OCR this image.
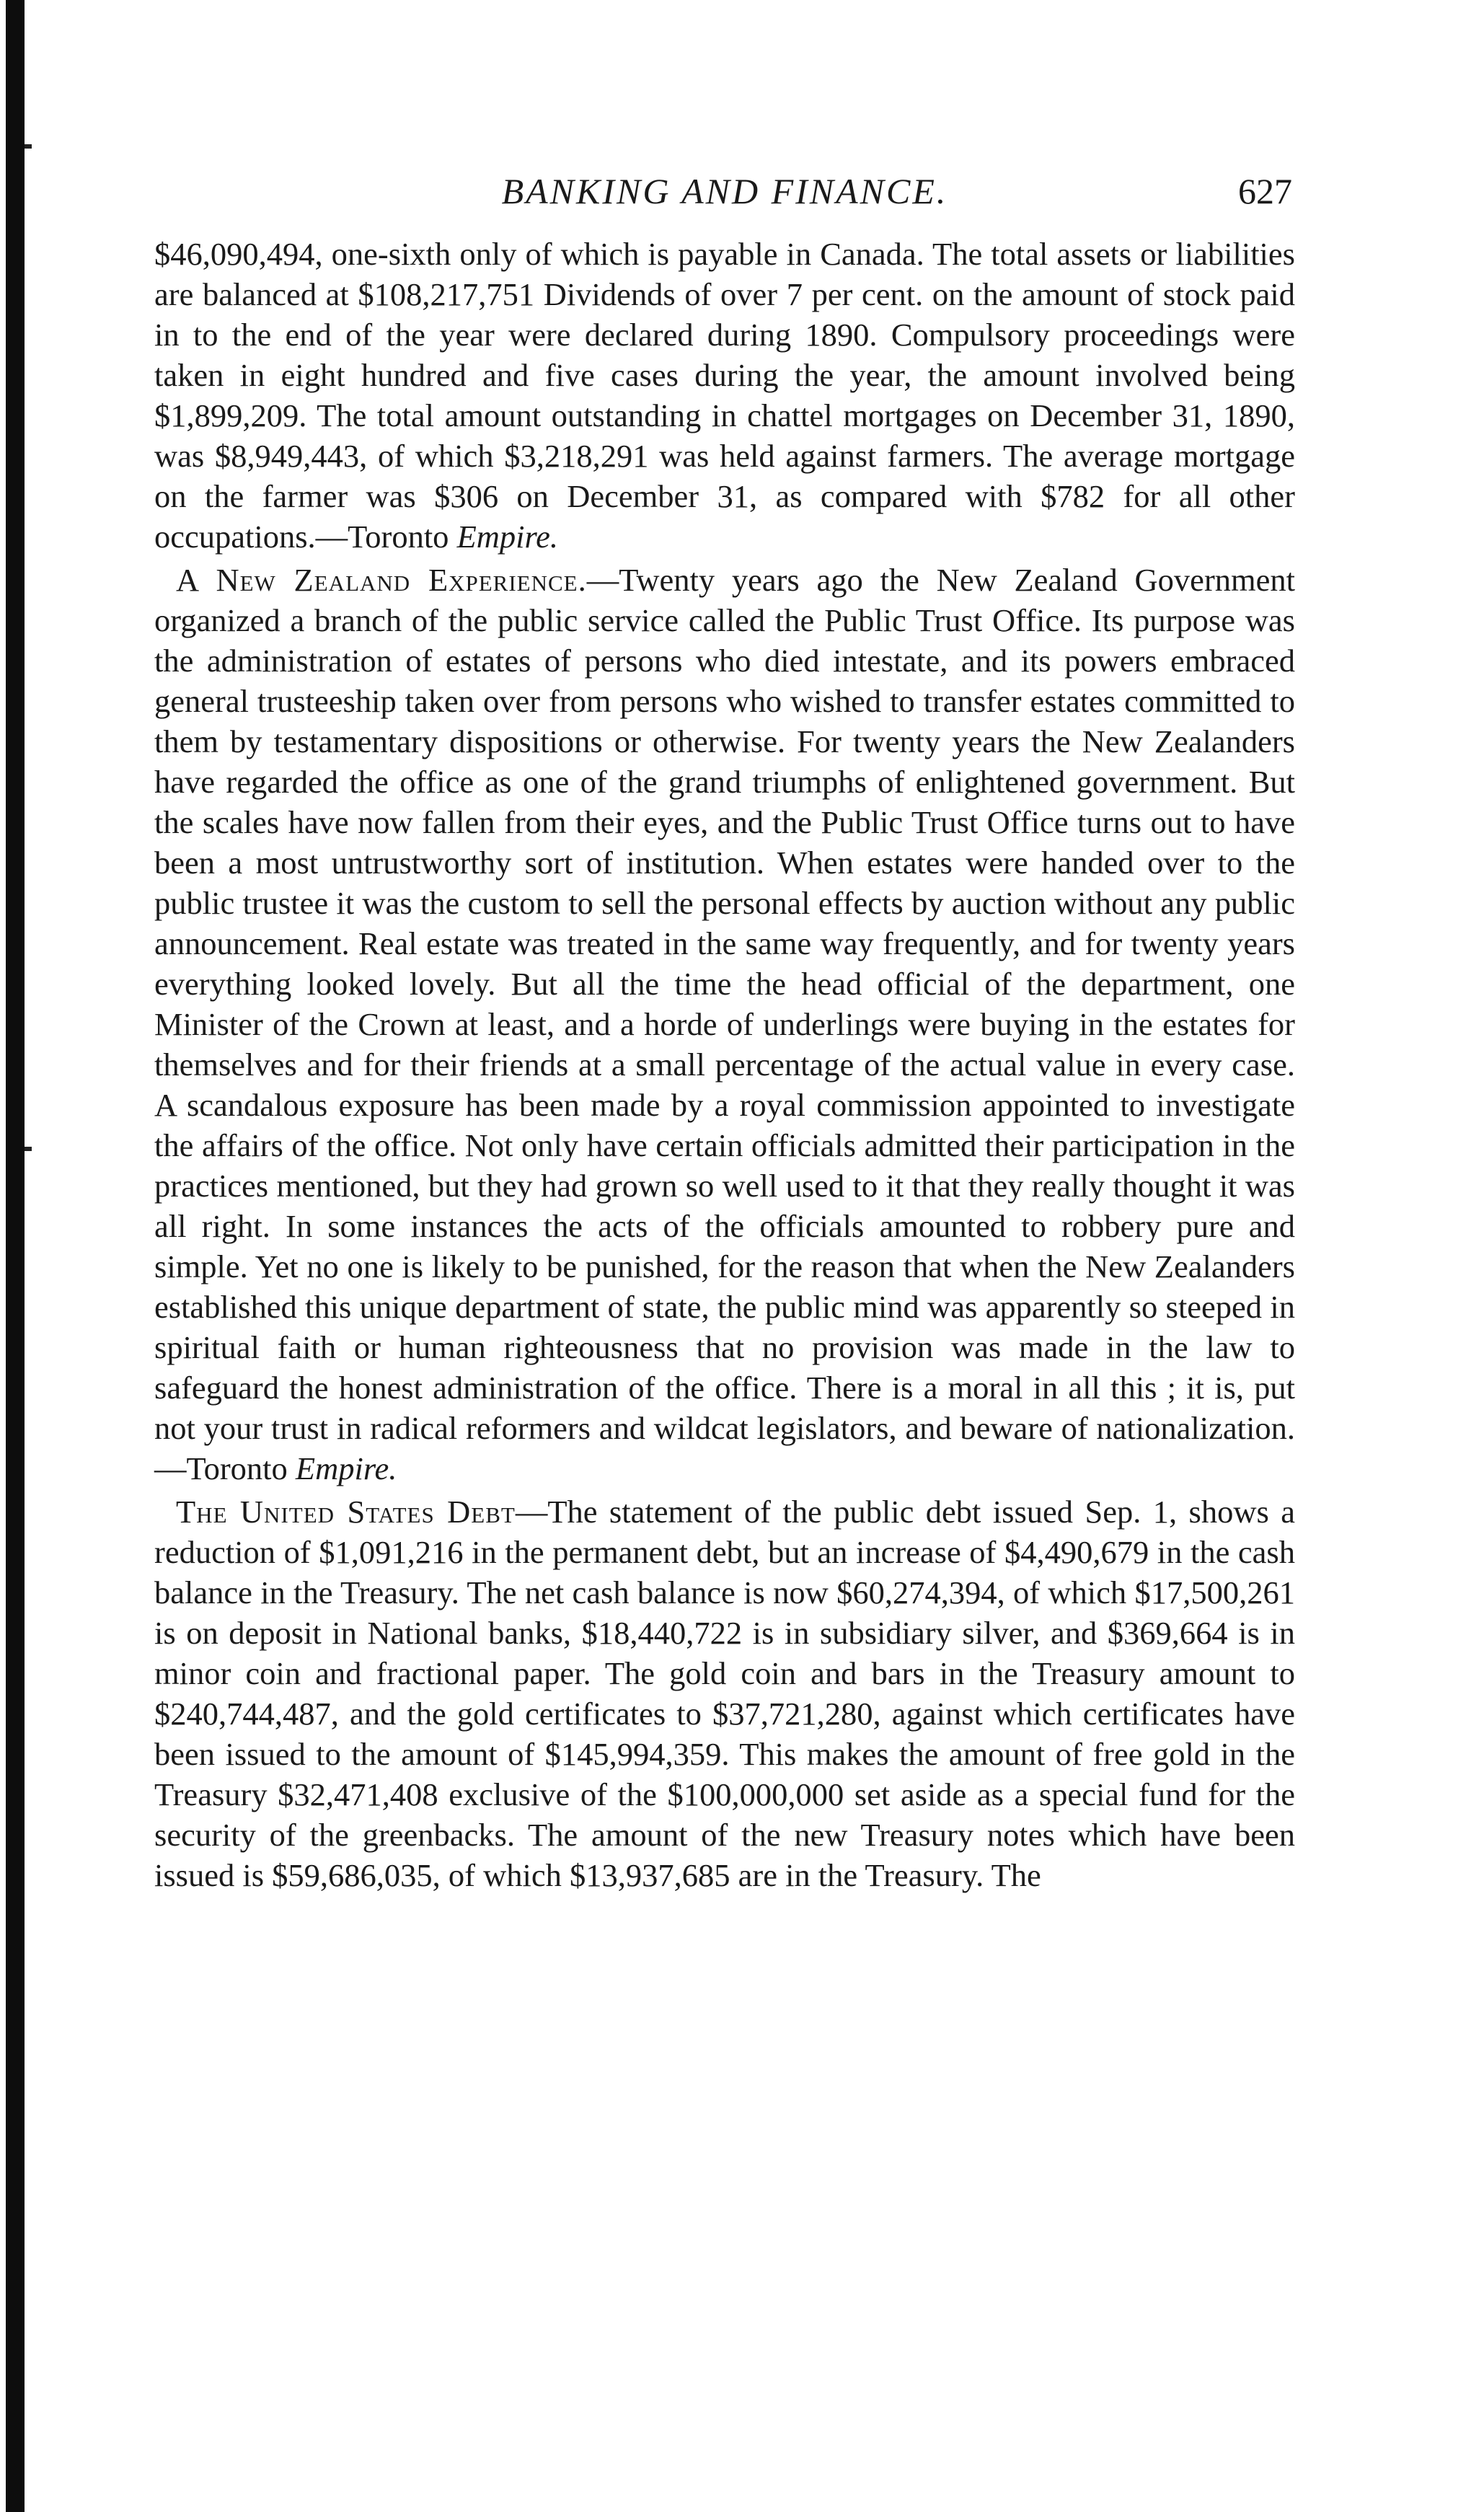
BANKING AND FINANCE.	627

$46,090,494, one-sixth only of which is payable in Canada. The total assets or liabilities are balanced at $108,217,751 Dividends of over 7 per cent. on the amount of stock paid in to the end of the year were declared during 1890. Compulsory proceedings were taken in eight hundred and five cases during the year, the amount involved being $1,899,209. The total amount outstanding in chattel mortgages on December 31, 1890, was $8,949,443, of which $3,218,291 was held against farmers. The average mortgage on the farmer was $306 on December 31, as compared with $782 for all other occupations.—Toronto Empire.

A New Zealand Experience.—Twenty years ago the New Zealand Government organized a branch of the public service called the Public Trust Office. Its purpose was the administration of estates of persons who died intestate, and its powers embraced general trusteeship taken over from persons who wished to transfer estates committed to them by testamentary dispositions or otherwise. For twenty years the New Zealanders have regarded the office as one of the grand triumphs of enlightened government. But the scales have now fallen from their eyes, and the Public Trust Office turns out to have been a most untrustworthy sort of institution. When estates were handed over to the public trustee it was the custom to sell the personal effects by auction without any public announcement. Real estate was treated in the same way frequently, and for twenty years everything looked lovely. But all the time the head official of the department, one Minister of the Crown at least, and a horde of underlings were buying in the estates for themselves and for their friends at a small percentage of the actual value in every case. A scandalous exposure has been made by a royal commission appointed to investigate the affairs of the office. Not only have certain officials admitted their participation in the practices mentioned, but they had grown so well used to it that they really thought it was all right. In some instances the acts of the officials amounted to robbery pure and simple. Yet no one is likely to be punished, for the reason that when the New Zealanders established this unique department of state, the public mind was apparently so steeped in spiritual faith or human righteousness that no provision was made in the law to safeguard the honest administration of the office. There is a moral in all this ; it is, put not your trust in radical reformers and wildcat legislators, and beware of nationalization.—Toronto Empire.

The United States Debt—The statement of the public debt issued Sep. 1, shows a reduction of $1,091,216 in the permanent debt, but an increase of $4,490,679 in the cash balance in the Treasury. The net cash balance is now $60,274,394, of which $17,500,261 is on deposit in National banks, $18,440,722 is in subsidiary silver, and $369,664 is in minor coin and fractional paper. The gold coin and bars in the Treasury amount to $240,744,487, and the gold certificates to $37,721,280, against which certificates have been issued to the amount of $145,994,359. This makes the amount of free gold in the Treasury $32,471,408 exclusive of the $100,000,000 set aside as a special fund for the security of the greenbacks. The amount of the new Treasury notes which have been issued is $59,686,035, of which $13,937,685 are in the Treasury. The
